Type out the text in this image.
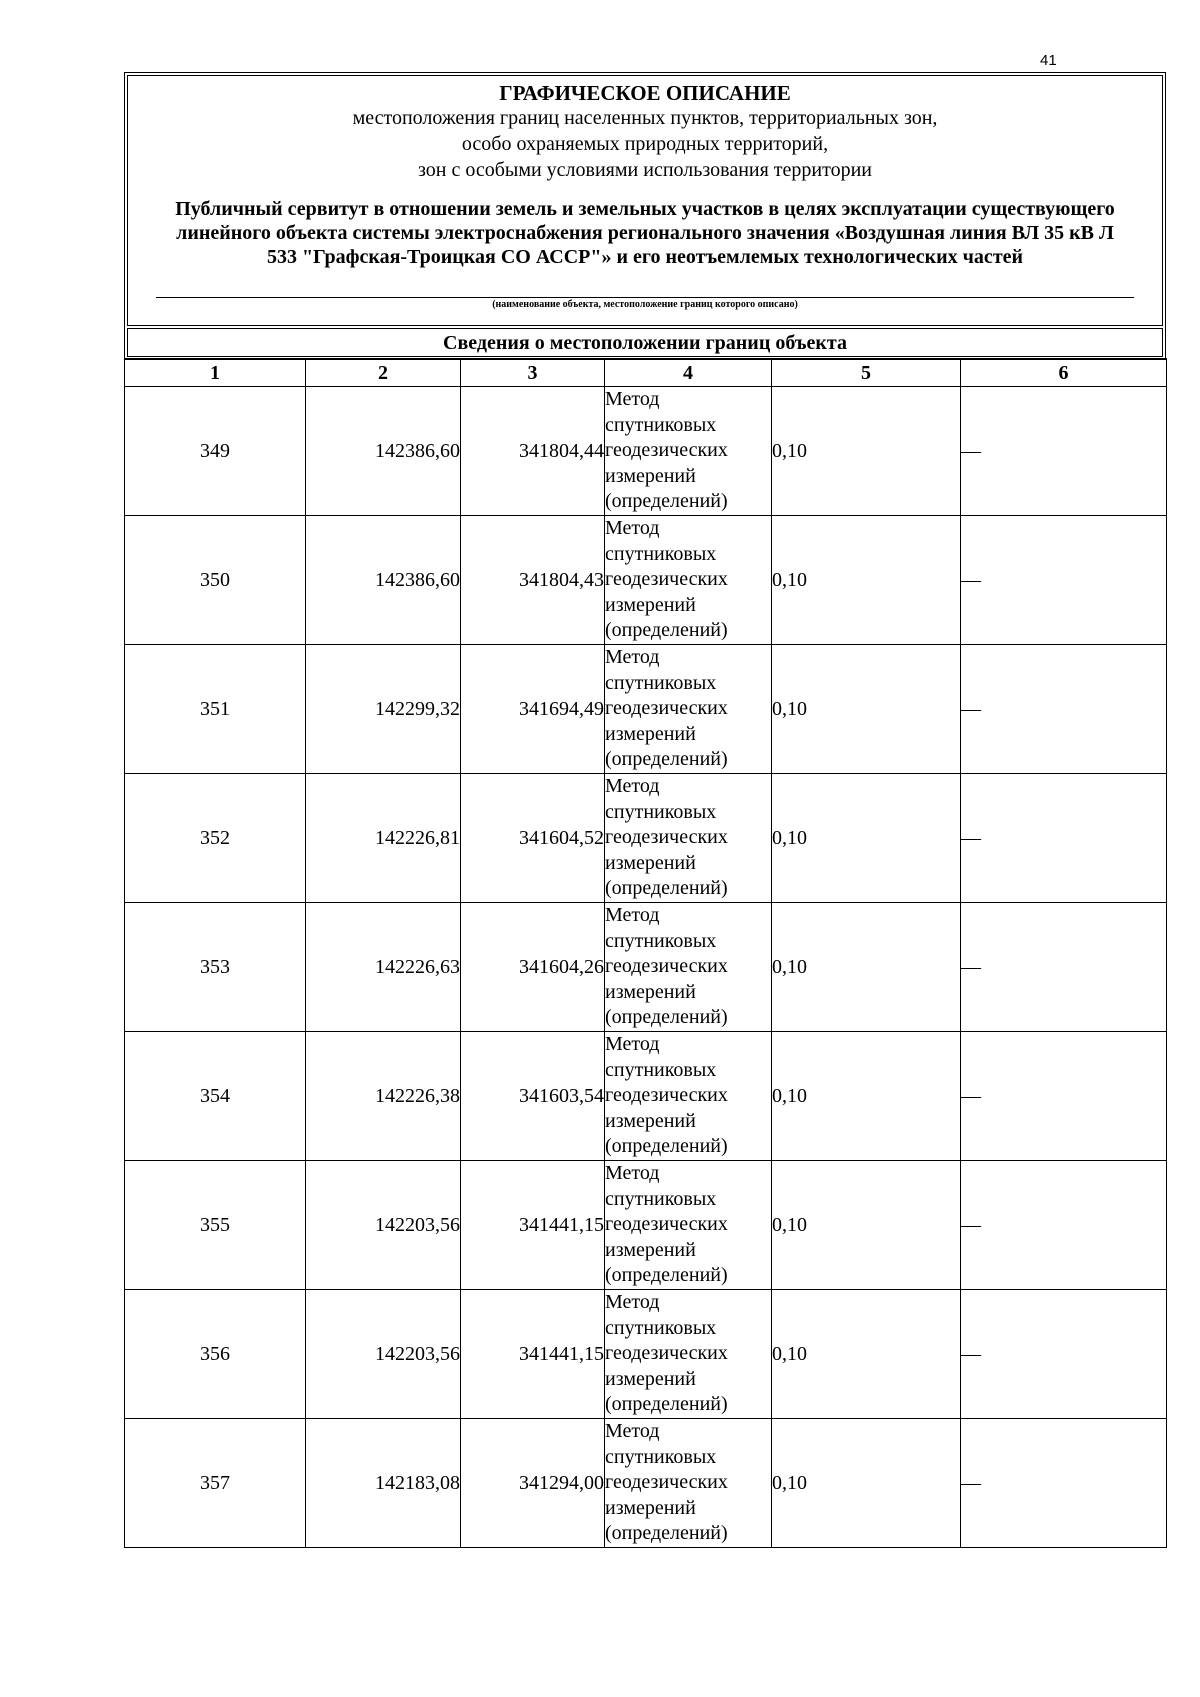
41
ГРАФИЧЕСКОЕ ОПИСАНИЕ
местоположения границ населенных пунктов, территориальных зон,
особо охраняемых природных территорий,
зон с особыми условиями использования территории
Публичный сервитут в отношении земель и земельных участков в целях эксплуатации существующего линейного объекта системы электроснабжения регионального значения «Воздушная линия ВЛ 35 кВ Л 533 "Графская-Троицкая СО АССР"» и его неотъемлемых технологических частей
(наименование объекта, местоположение границ которого описано)
Сведения о местоположении границ объекта
1	2	3	4	5	6
349	142386,60	341804,44	Метод спутниковых геодезических измерений (определений)	0,10	—
350	142386,60	341804,43	Метод спутниковых геодезических измерений (определений)	0,10	—
351	142299,32	341694,49	Метод спутниковых геодезических измерений (определений)	0,10	—
352	142226,81	341604,52	Метод спутниковых геодезических измерений (определений)	0,10	—
353	142226,63	341604,26	Метод спутниковых геодезических измерений (определений)	0,10	—
354	142226,38	341603,54	Метод спутниковых геодезических измерений (определений)	0,10	—
355	142203,56	341441,15	Метод спутниковых геодезических измерений (определений)	0,10	—
356	142203,56	341441,15	Метод спутниковых геодезических измерений (определений)	0,10	—
357	142183,08	341294,00	Метод спутниковых геодезических измерений (определений)	0,10	—
